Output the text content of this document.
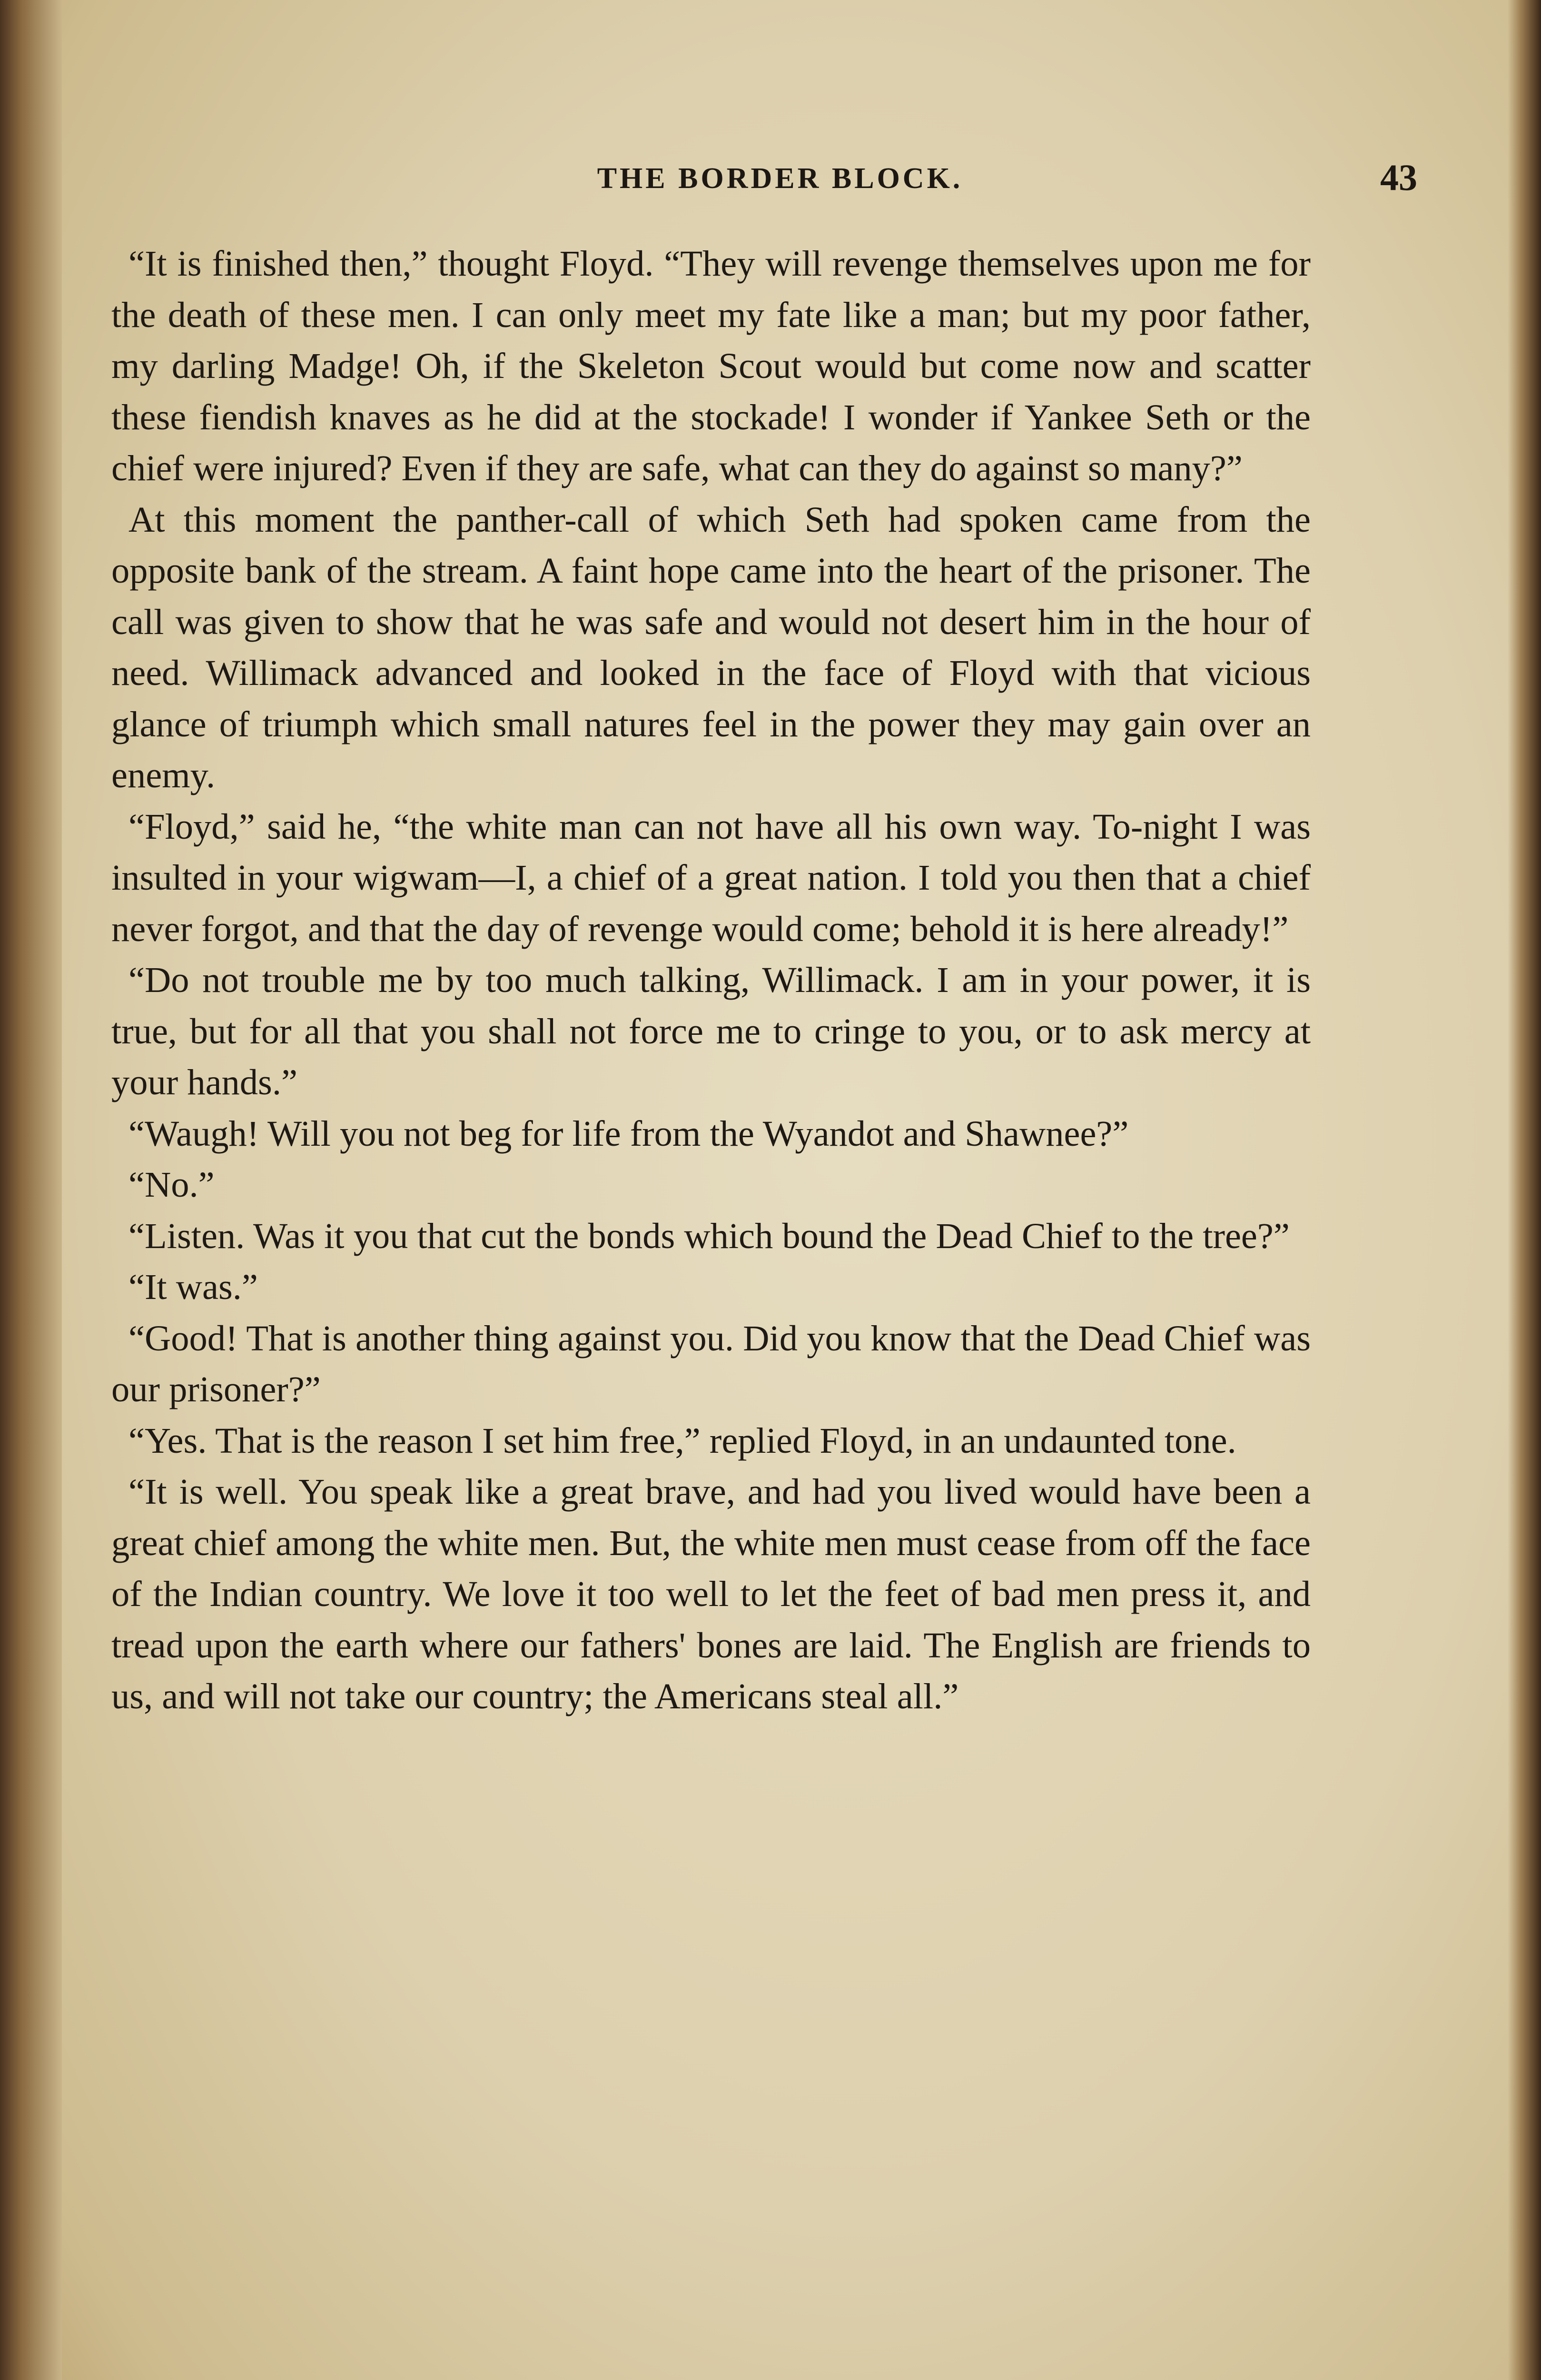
THE BORDER BLOCK.	43

“It is finished then,” thought Floyd. “They will revenge themselves upon me for the death of these men. I can only meet my fate like a man; but my poor father, my darling Madge! Oh, if the Skeleton Scout would but come now and scatter these fiendish knaves as he did at the stockade! I wonder if Yankee Seth or the chief were injured? Even if they are safe, what can they do against so many?”

At this moment the panther-call of which Seth had spoken came from the opposite bank of the stream. A faint hope came into the heart of the prisoner. The call was given to show that he was safe and would not desert him in the hour of need. Willimack advanced and looked in the face of Floyd with that vicious glance of triumph which small natures feel in the power they may gain over an enemy.

“Floyd,” said he, “the white man can not have all his own way. To-night I was insulted in your wigwam—I, a chief of a great nation. I told you then that a chief never forgot, and that the day of revenge would come; behold it is here already!”

“Do not trouble me by too much talking, Willimack. I am in your power, it is true, but for all that you shall not force me to cringe to you, or to ask mercy at your hands.”

“Waugh! Will you not beg for life from the Wyandot and Shawnee?”

“No.”

“Listen. Was it you that cut the bonds which bound the Dead Chief to the tree?”

“It was.”

“Good! That is another thing against you. Did you know that the Dead Chief was our prisoner?”

“Yes. That is the reason I set him free,” replied Floyd, in an undaunted tone.

“It is well. You speak like a great brave, and had you lived would have been a great chief among the white men. But, the white men must cease from off the face of the Indian country. We love it too well to let the feet of bad men press it, and tread upon the earth where our fathers' bones are laid. The English are friends to us, and will not take our country; the Americans steal all.”
